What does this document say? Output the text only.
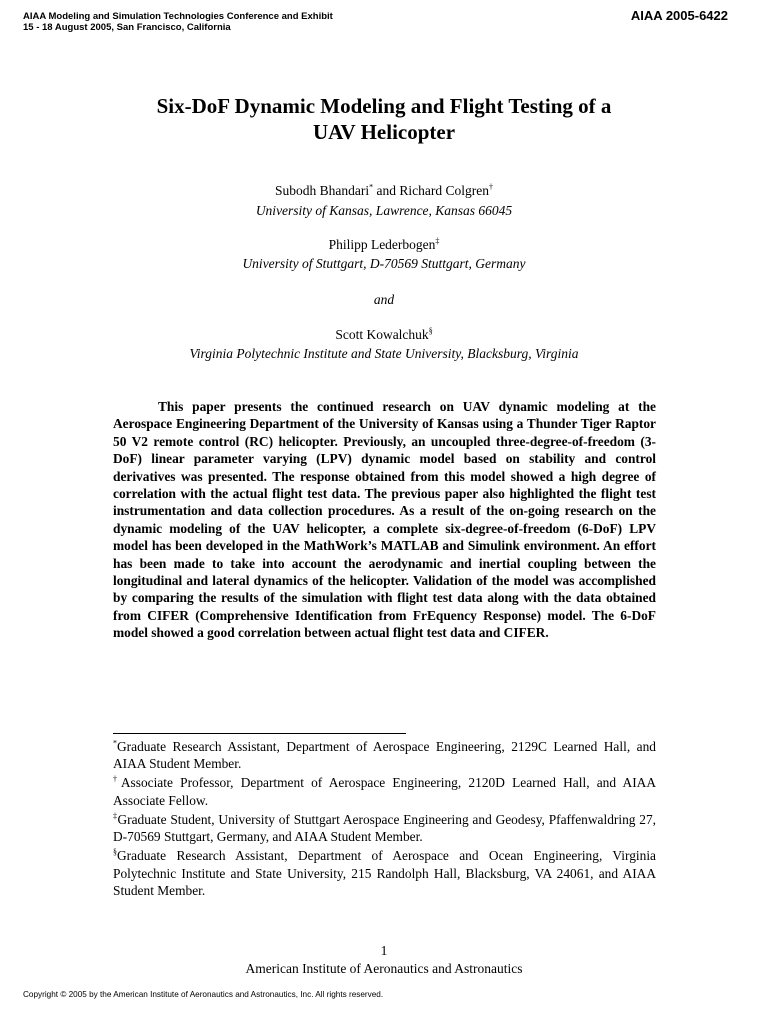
AIAA Modeling and Simulation Technologies Conference and Exhibit
15 - 18 August 2005, San Francisco, California
AIAA 2005-6422
Six-DoF Dynamic Modeling and Flight Testing of a
UAV Helicopter
Subodh Bhandari* and Richard Colgren†
University of Kansas, Lawrence, Kansas 66045
Philipp Lederbogen‡
University of Stuttgart, D-70569 Stuttgart, Germany
and
Scott Kowalchuk§
Virginia Polytechnic Institute and State University, Blacksburg, Virginia

This paper presents the continued research on UAV dynamic modeling at the Aerospace Engineering Department of the University of Kansas using a Thunder Tiger Raptor 50 V2 remote control (RC) helicopter. Previously, an uncoupled three-degree-of-freedom (3-DoF) linear parameter varying (LPV) dynamic model based on stability and control derivatives was presented. The response obtained from this model showed a high degree of correlation with the actual flight test data. The previous paper also highlighted the flight test instrumentation and data collection procedures. As a result of the on-going research on the dynamic modeling of the UAV helicopter, a complete six-degree-of-freedom (6-DoF) LPV model has been developed in the MathWork’s MATLAB and Simulink environment. An effort has been made to take into account the aerodynamic and inertial coupling between the longitudinal and lateral dynamics of the helicopter. Validation of the model was accomplished by comparing the results of the simulation with flight test data along with the data obtained from CIFER (Comprehensive Identification from FrEquency Response) model. The 6-DoF model showed a good correlation between actual flight test data and CIFER.

*Graduate Research Assistant, Department of Aerospace Engineering, 2129C Learned Hall, and AIAA Student Member.

†Associate Professor, Department of Aerospace Engineering, 2120D Learned Hall, and AIAA Associate Fellow.

‡Graduate Student, University of Stuttgart Aerospace Engineering and Geodesy, Pfaffenwaldring 27, D-70569 Stuttgart, Germany, and AIAA Student Member.

§Graduate Research Assistant, Department of Aerospace and Ocean Engineering, Virginia Polytechnic Institute and State University, 215 Randolph Hall, Blacksburg, VA 24061, and AIAA Student Member.

1
American Institute of Aeronautics and Astronautics
Copyright © 2005 by the American Institute of Aeronautics and Astronautics, Inc. All rights reserved.
